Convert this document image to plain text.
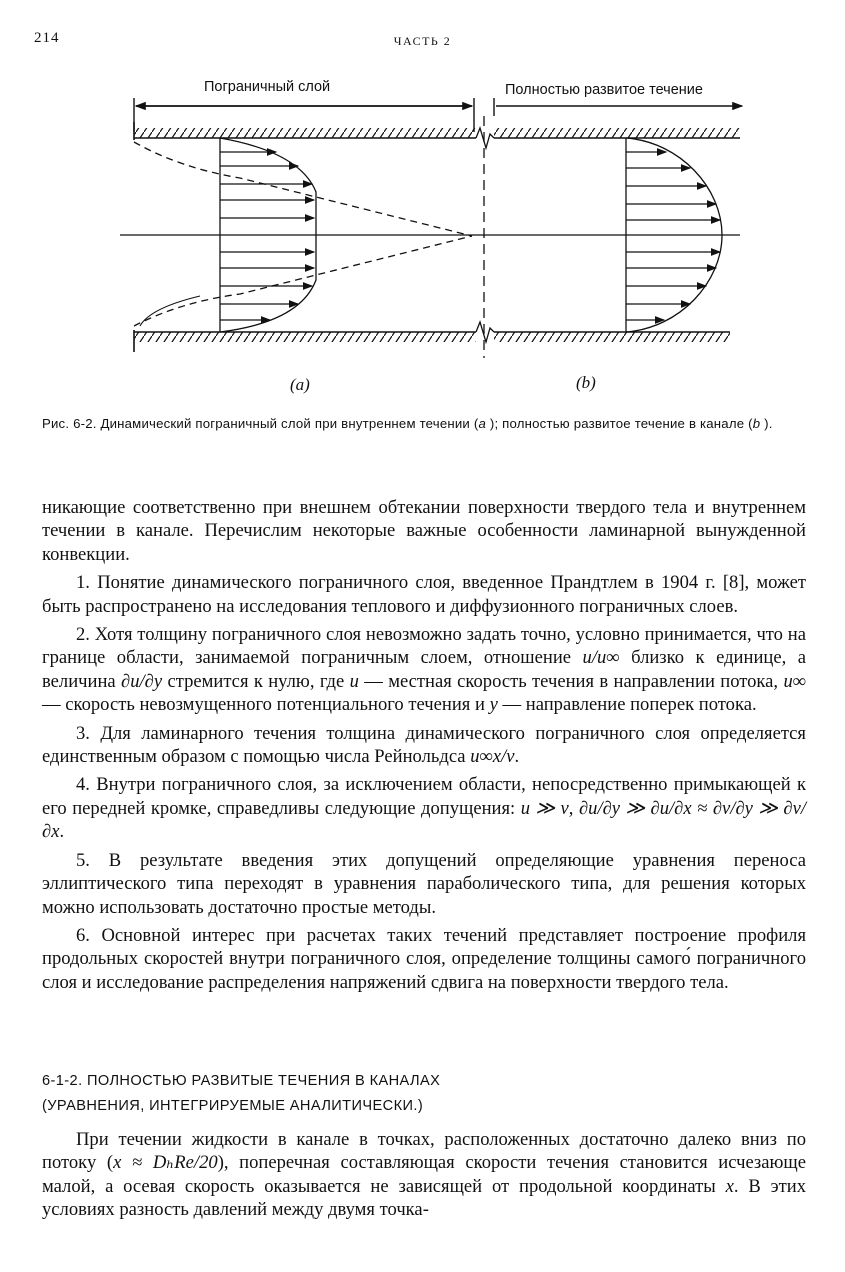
214	ЧАСТЬ 2
Пограничный слой	Полностью развитое течение
(a)	(b)
Рис. 6-2. Динамический пограничный слой при внутреннем течении (a ); полностью развитое течение в канале (b ).

никающие соответственно при внешнем обтекании поверхности твердого тела и внутреннем течении в канале. Перечислим некоторые важные особенности ламинарной вынужденной конвекции.

1. Понятие динамического пограничного слоя, введенное Прандтлем в 1904 г. [8], может быть распространено на исследования теплового и диффузионного пограничных слоев.

2. Хотя толщину пограничного слоя невозможно задать точно, условно принимается, что на границе области, занимаемой пограничным слоем, отношение u/u∞ близко к единице, а величина ∂u/∂y стремится к нулю, где u — местная скорость течения в направлении потока, u∞ — скорость невозмущенного потенциального течения и y — направление поперек потока.

3. Для ламинарного течения толщина динамического пограничного слоя определяется единственным образом с помощью числа Рейнольдса u∞x/ν.

4. Внутри пограничного слоя, за исключением области, непосредственно примыкающей к его передней кромке, справедливы следующие допущения: u ≫ v, ∂u/∂y ≫ ∂u/∂x ≈ ∂v/∂y ≫ ∂v/∂x.

5. В результате введения этих допущений определяющие уравнения переноса эллиптического типа переходят в уравнения параболического типа, для решения которых можно использовать достаточно простые методы.

6. Основной интерес при расчетах таких течений представляет построение профиля продольных скоростей внутри пограничного слоя, определение толщины самого́ пограничного слоя и исследование распределения напряжений сдвига на поверхности твердого тела.

6-1-2. ПОЛНОСТЬЮ РАЗВИТЫЕ ТЕЧЕНИЯ В КАНАЛАХ
(УРАВНЕНИЯ, ИНТЕГРИРУЕМЫЕ АНАЛИТИЧЕСКИ.)

При течении жидкости в канале в точках, расположенных достаточно далеко вниз по потоку (x ≈ DₕRe/20), поперечная составляющая скорости течения становится исчезающе малой, а осевая скорость оказывается не зависящей от продольной координаты x. В этих условиях разность давлений между двумя точка-
